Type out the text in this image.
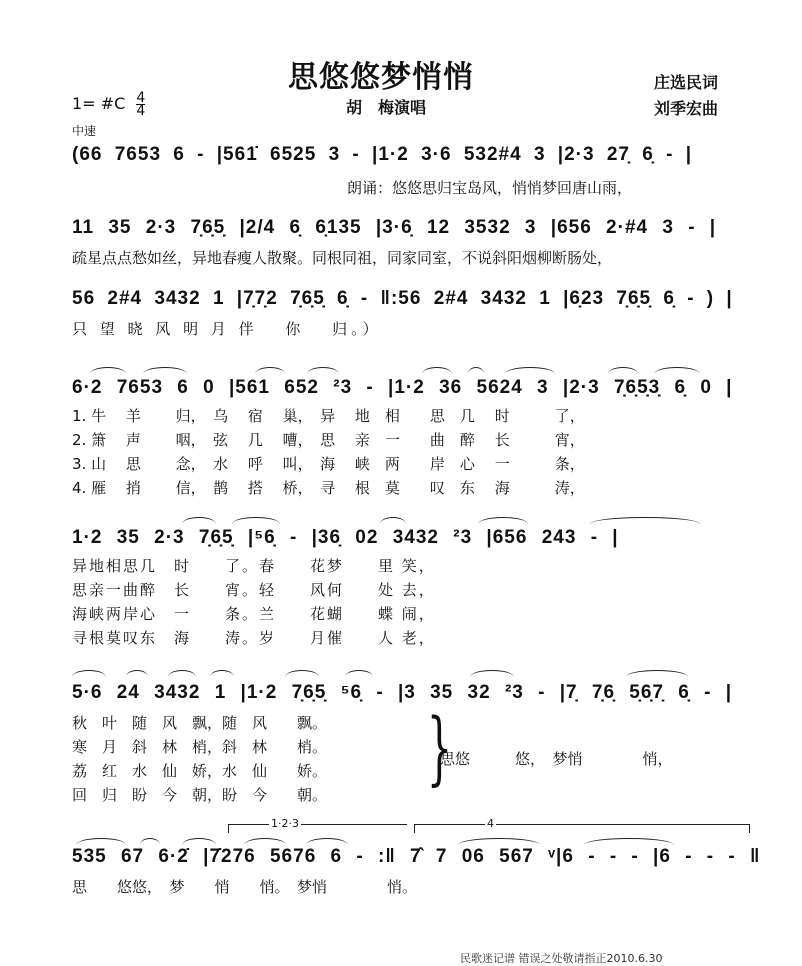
思悠悠梦悄悄
胡　梅演唱
庄选民词
刘季宏曲
1= #C $\frac{4}{4}$
中速
(66 7653 6 - |561̇ 6525 3 - |1·2 3·6 532#4 3 |2·3 27̣ 6̣ - |
朗诵：悠悠思归宝岛风，悄悄梦回唐山雨，
11 35 2·3 7̣6̣5̣ |2/4 6̣ 6̣135 |3·6̣ 12 3532 3 |656 2·#4 3 - |
疏星点点愁如丝，异地春瘦人散聚。同根同祖，同家同室，不说斜阳烟柳断肠处，
56 2#4 3432 1 |7̣7̣2 7̣6̣5̣ 6̣ - ‖:56 2#4 3432 1 |6̣23 7̣6̣5̣ 6̣ - ) |
只 望 晓 风 明 月 伴　 你　 归。）
6·2 7653 6 0 |561 652 ²3 - |1·2 36 5624 3 |2·3 7̣6̣5̣3̣ 6̣ 0 |
1. 牛　 羊　　 归，　乌　 宿　 巢，　异　 地　相　　思　几　 时　　　了，
2. 箫　 声　　 咽，　弦　 几　 嘈，　思　 亲　一　　曲　醉　 长　　　宵，
3. 山　 思　　 念，　水　 呼　 叫，　海　 峡　两　　岸　心　 一　　　条，
4. 雁　 捎　　 信，　鹊　 搭　 桥，　寻　 根　莫　　叹　东　 海　　　涛，
1·2 35 2·3 7̣6̣5̣ |⁵6̣ - |36̣ 02 3432 ²3 |656 243 - |
异地相思几　时　　了。春　　花梦　　里 笑，
思亲一曲醉　长　　宵。轻　　风何　　处 去，
海峡两岸心　一　　条。兰　　花蝴　　蝶 闹，
寻根莫叹东　海　　涛。岁　　月催　　人 老，
5·6 24 3432 1 |1·2 7̣6̣5̣ ⁵6̣ - |3 35 32 ²3 - |7̣ 7̣6̣ 5̣6̣7̣ 6̣ - |
秋　叶　随　风　飘，随　风　　飘。
寒　月　斜　林　梢，斜　林　　梢。
荔　红　水　仙　娇，水　仙　　娇。
回　归　盼　今　朝，盼　今　　朝。
}
思悠　　　悠，　梦悄　　　　悄，
1·2·3	4
535 67 6·2̇ |7̇276 5676 6 - :‖ 7̂ 7 06 567 ᵛ|6 - - - |6 - - - ‖
思　　悠悠，　梦　　悄　　悄。　梦悄　　　　悄。
民歌迷记谱 错误之处敬请指正2010.6.30
